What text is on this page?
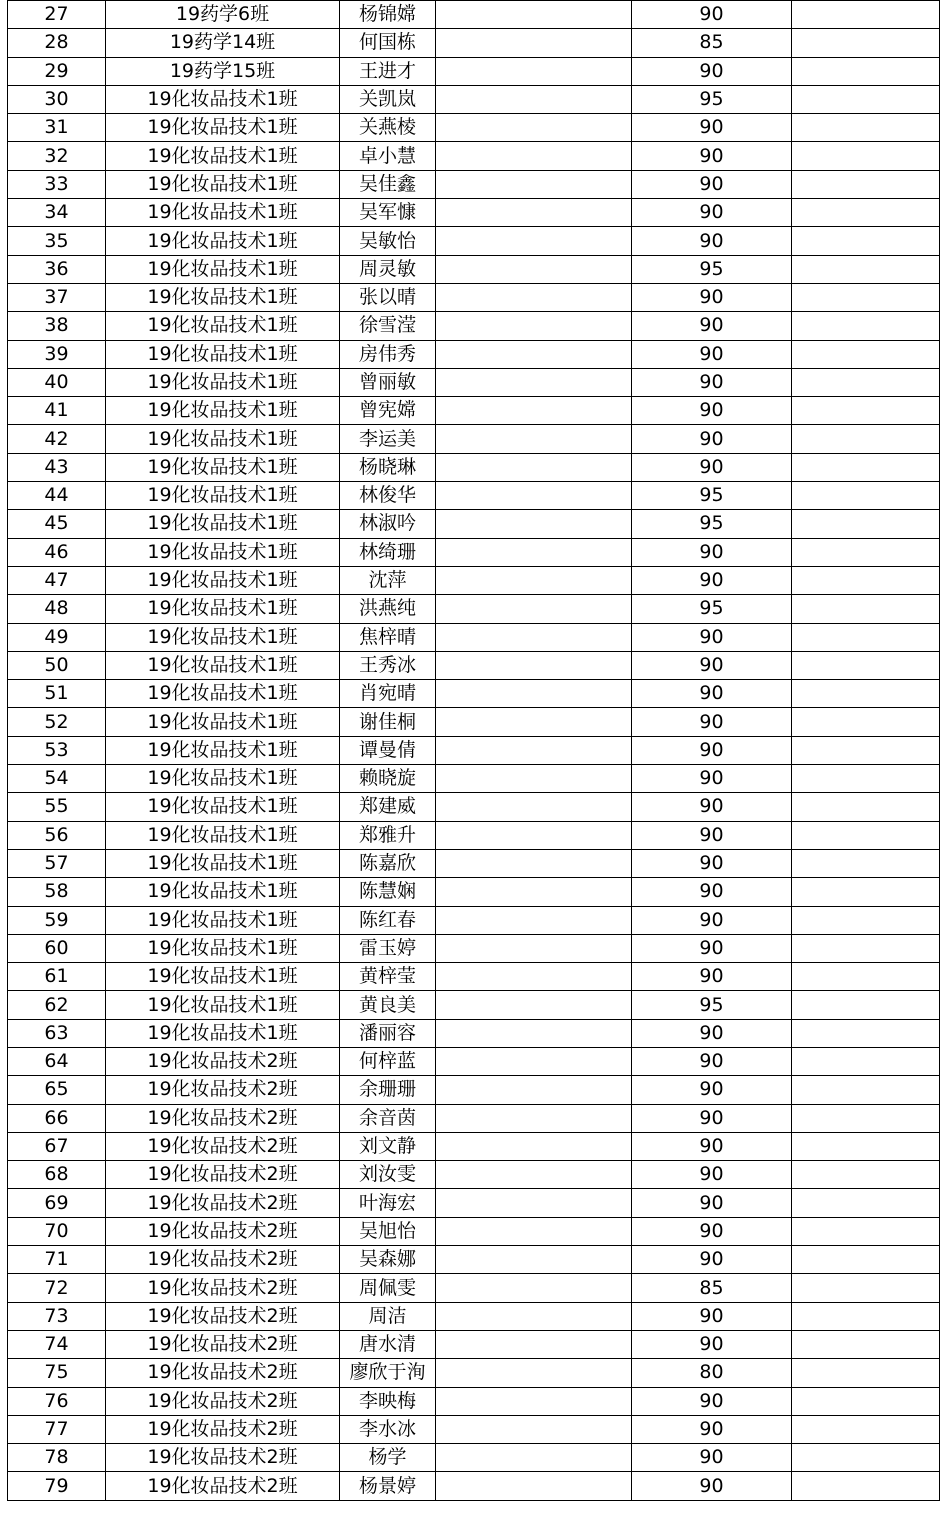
27	19药学6班	杨锦嫦		90	
28	19药学14班	何国栋		85	
29	19药学15班	王进才		90	
30	19化妆品技术1班	关凯岚		95	
31	19化妆品技术1班	关燕棱		90	
32	19化妆品技术1班	卓小慧		90	
33	19化妆品技术1班	吴佳鑫		90	
34	19化妆品技术1班	吴军慷		90	
35	19化妆品技术1班	吴敏怡		90	
36	19化妆品技术1班	周灵敏		95	
37	19化妆品技术1班	张以晴		90	
38	19化妆品技术1班	徐雪滢		90	
39	19化妆品技术1班	房伟秀		90	
40	19化妆品技术1班	曾丽敏		90	
41	19化妆品技术1班	曾宪嫦		90	
42	19化妆品技术1班	李运美		90	
43	19化妆品技术1班	杨晓琳		90	
44	19化妆品技术1班	林俊华		95	
45	19化妆品技术1班	林淑吟		95	
46	19化妆品技术1班	林绮珊		90	
47	19化妆品技术1班	沈萍		90	
48	19化妆品技术1班	洪燕纯		95	
49	19化妆品技术1班	焦梓晴		90	
50	19化妆品技术1班	王秀冰		90	
51	19化妆品技术1班	肖宛晴		90	
52	19化妆品技术1班	谢佳桐		90	
53	19化妆品技术1班	谭曼倩		90	
54	19化妆品技术1班	赖晓旋		90	
55	19化妆品技术1班	郑建威		90	
56	19化妆品技术1班	郑雅升		90	
57	19化妆品技术1班	陈嘉欣		90	
58	19化妆品技术1班	陈慧娴		90	
59	19化妆品技术1班	陈红春		90	
60	19化妆品技术1班	雷玉婷		90	
61	19化妆品技术1班	黄梓莹		90	
62	19化妆品技术1班	黄良美		95	
63	19化妆品技术1班	潘丽容		90	
64	19化妆品技术2班	何梓蓝		90	
65	19化妆品技术2班	余珊珊		90	
66	19化妆品技术2班	余音茵		90	
67	19化妆品技术2班	刘文静		90	
68	19化妆品技术2班	刘汝雯		90	
69	19化妆品技术2班	叶海宏		90	
70	19化妆品技术2班	吴旭怡		90	
71	19化妆品技术2班	吴森娜		90	
72	19化妆品技术2班	周佩雯		85	
73	19化妆品技术2班	周洁		90	
74	19化妆品技术2班	唐水清		90	
75	19化妆品技术2班	廖欣于洵		80	
76	19化妆品技术2班	李映梅		90	
77	19化妆品技术2班	李水冰		90	
78	19化妆品技术2班	杨学		90	
79	19化妆品技术2班	杨景婷		90	
